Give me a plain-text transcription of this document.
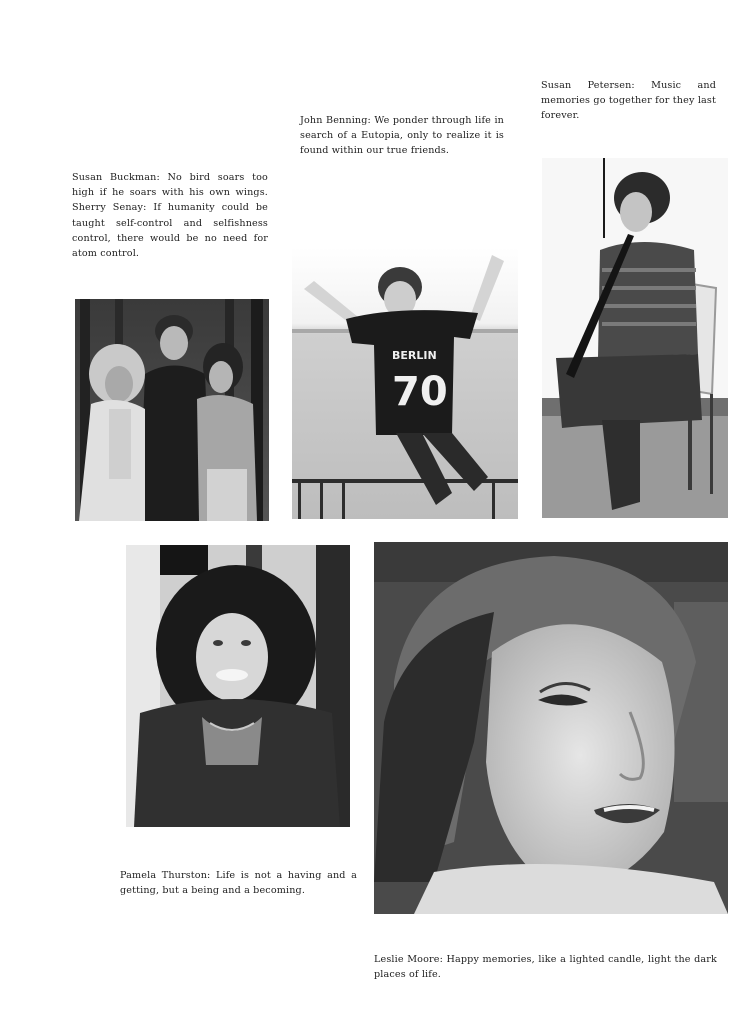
Susan Buckman: No bird soars too high if he soars with his own wings. Sherry Senay: If humanity could be taught self-control and selfishness control, there would be no need for atom control.

John Benning: We ponder through life in search of a Eutopia, only to realize it is found within our true friends.

Susan Petersen: Music and memories go together for they last forever.

Pamela Thurston: Life is not a having and a getting, but a being and a becoming.

Leslie Moore: Happy memories, like a lighted candle, light the dark places of life.

BERLIN
70
